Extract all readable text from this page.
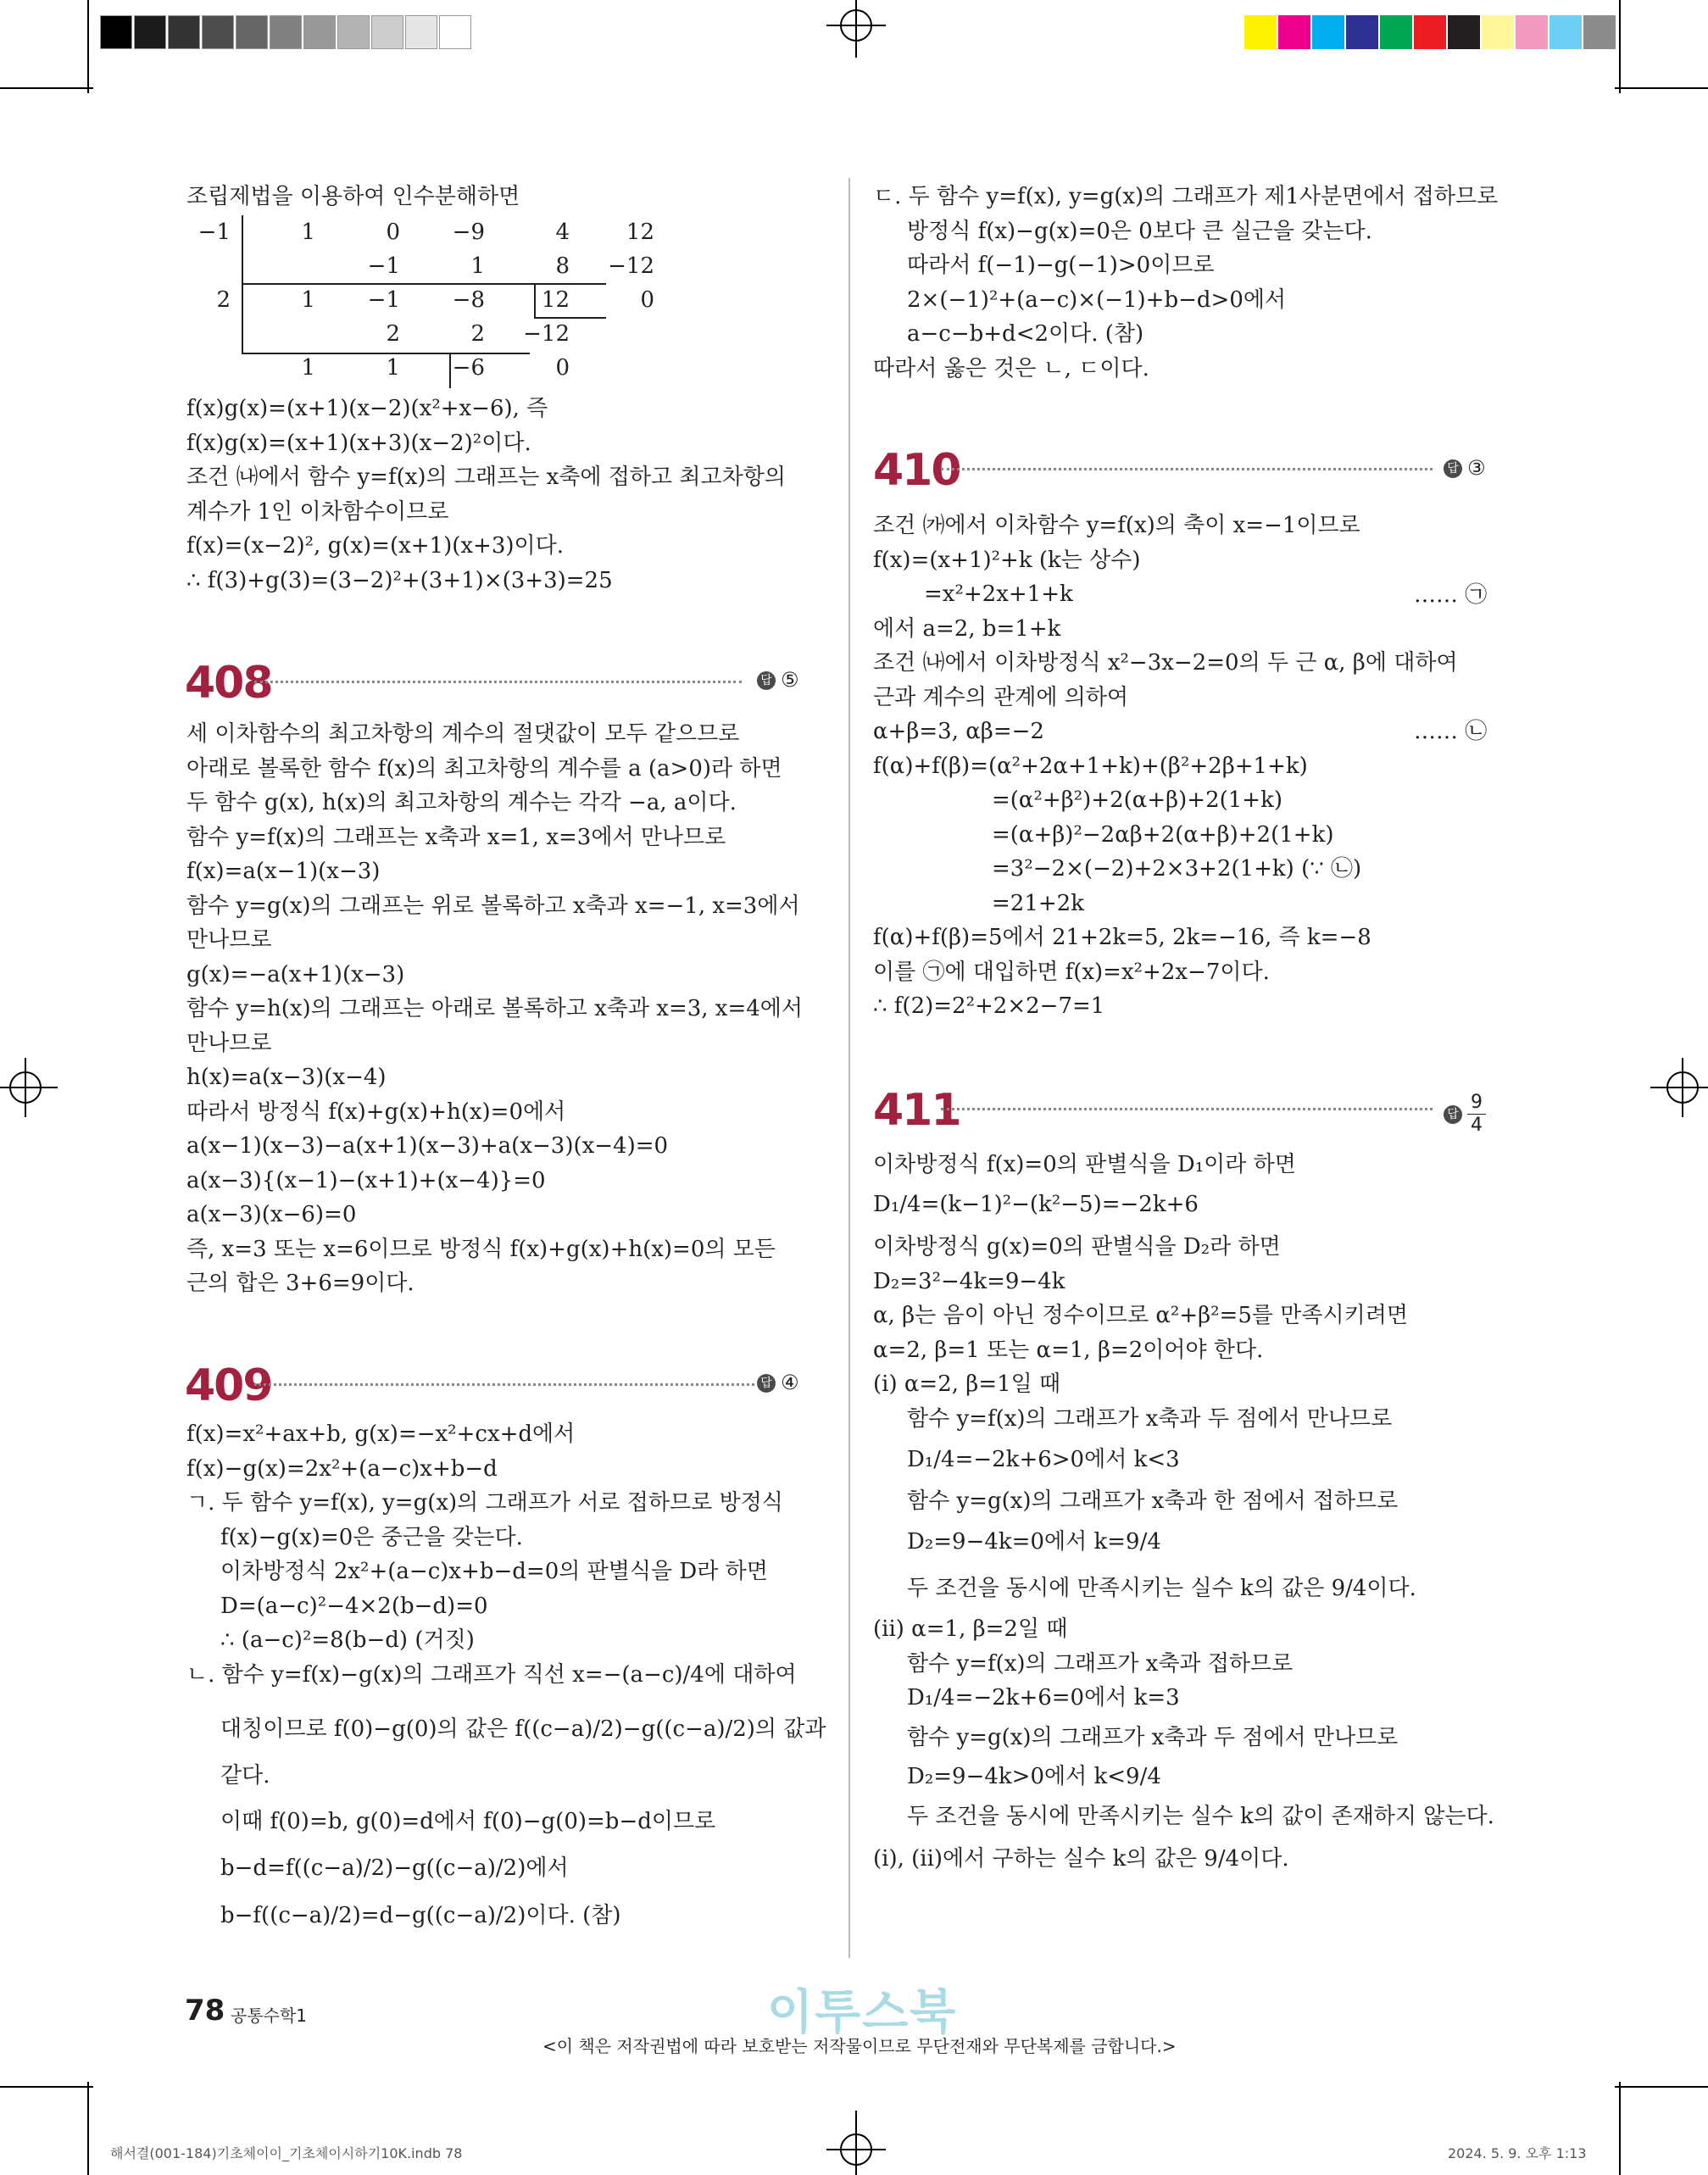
조립제법을 이용하여 인수분해하면
−1	1	0	−9	4	12
		−1	1	8	−12
2	1	−1	−8	12	0
		2	2	−12	
	1	1	−6	0	
f(x)g(x)=(x+1)(x−2)(x²+x−6), 즉
f(x)g(x)=(x+1)(x+3)(x−2)²이다.
조건 ㈏에서 함수 y=f(x)의 그래프는 x축에 접하고 최고차항의
계수가 1인 이차함수이므로
f(x)=(x−2)², g(x)=(x+1)(x+3)이다.
∴ f(3)+g(3)=(3−2)²+(3+1)×(3+3)=25
408	답 ⑤
세 이차함수의 최고차항의 계수의 절댓값이 모두 같으므로
아래로 볼록한 함수 f(x)의 최고차항의 계수를 a (a>0)라 하면
두 함수 g(x), h(x)의 최고차항의 계수는 각각 −a, a이다.
함수 y=f(x)의 그래프는 x축과 x=1, x=3에서 만나므로
f(x)=a(x−1)(x−3)
함수 y=g(x)의 그래프는 위로 볼록하고 x축과 x=−1, x=3에서
만나므로
g(x)=−a(x+1)(x−3)
함수 y=h(x)의 그래프는 아래로 볼록하고 x축과 x=3, x=4에서
만나므로
h(x)=a(x−3)(x−4)
따라서 방정식 f(x)+g(x)+h(x)=0에서
a(x−1)(x−3)−a(x+1)(x−3)+a(x−3)(x−4)=0
a(x−3){(x−1)−(x+1)+(x−4)}=0
a(x−3)(x−6)=0
즉, x=3 또는 x=6이므로 방정식 f(x)+g(x)+h(x)=0의 모든
근의 합은 3+6=9이다.
409	답 ④
f(x)=x²+ax+b, g(x)=−x²+cx+d에서
f(x)−g(x)=2x²+(a−c)x+b−d
ㄱ. 두 함수 y=f(x), y=g(x)의 그래프가 서로 접하므로 방정식
f(x)−g(x)=0은 중근을 갖는다.
이차방정식 2x²+(a−c)x+b−d=0의 판별식을 D라 하면
D=(a−c)²−4×2(b−d)=0
∴ (a−c)²=8(b−d) (거짓)
ㄴ. 함수 y=f(x)−g(x)의 그래프가 직선 x=−(a−c)/4에 대하여
대칭이므로 f(0)−g(0)의 값은 f((c−a)/2)−g((c−a)/2)의 값과
같다.
이때 f(0)=b, g(0)=d에서 f(0)−g(0)=b−d이므로
b−d=f((c−a)/2)−g((c−a)/2)에서
b−f((c−a)/2)=d−g((c−a)/2)이다. (참)
ㄷ. 두 함수 y=f(x), y=g(x)의 그래프가 제1사분면에서 접하므로
방정식 f(x)−g(x)=0은 0보다 큰 실근을 갖는다.
따라서 f(−1)−g(−1)>0이므로
2×(−1)²+(a−c)×(−1)+b−d>0에서
a−c−b+d<2이다. (참)
따라서 옳은 것은 ㄴ, ㄷ이다.
410	답 ③
조건 ㈎에서 이차함수 y=f(x)의 축이 x=−1이므로
f(x)=(x+1)²+k (k는 상수)
=x²+2x+1+k
에서 a=2, b=1+k
조건 ㈏에서 이차방정식 x²−3x−2=0의 두 근 α, β에 대하여
근과 계수의 관계에 의하여
α+β=3, αβ=−2
f(α)+f(β)=(α²+2α+1+k)+(β²+2β+1+k)
=(α²+β²)+2(α+β)+2(1+k)
=(α+β)²−2αβ+2(α+β)+2(1+k)
=3²−2×(−2)+2×3+2(1+k) (∵ ㉡)
=21+2k
f(α)+f(β)=5에서 21+2k=5, 2k=−16, 즉 k=−8
이를 ㉠에 대입하면 f(x)=x²+2x−7이다.
∴ f(2)=2²+2×2−7=1
…… ㉠
…… ㉡
411	답 $\frac{9}{4}$
이차방정식 f(x)=0의 판별식을 D₁이라 하면
D₁/4=(k−1)²−(k²−5)=−2k+6
이차방정식 g(x)=0의 판별식을 D₂라 하면
D₂=3²−4k=9−4k
α, β는 음이 아닌 정수이므로 α²+β²=5를 만족시키려면
α=2, β=1 또는 α=1, β=2이어야 한다.
(i) α=2, β=1일 때
함수 y=f(x)의 그래프가 x축과 두 점에서 만나므로
D₁/4=−2k+6>0에서 k<3
함수 y=g(x)의 그래프가 x축과 한 점에서 접하므로
D₂=9−4k=0에서 k=9/4
두 조건을 동시에 만족시키는 실수 k의 값은 9/4이다.
(ii) α=1, β=2일 때
함수 y=f(x)의 그래프가 x축과 접하므로
D₁/4=−2k+6=0에서 k=3
함수 y=g(x)의 그래프가 x축과 두 점에서 만나므로
D₂=9−4k>0에서 k<9/4
두 조건을 동시에 만족시키는 실수 k의 값이 존재하지 않는다.
(i), (ii)에서 구하는 실수 k의 값은 9/4이다.
78 공통수학1	이투스북
<이 책은 저작권법에 따라 보호받는 저작물이므로 무단전재와 무단복제를 금합니다.>
해서결(001-184)기초체이이_기초체이시하기10K.indb 78	2024. 5. 9. 오후 1:13
